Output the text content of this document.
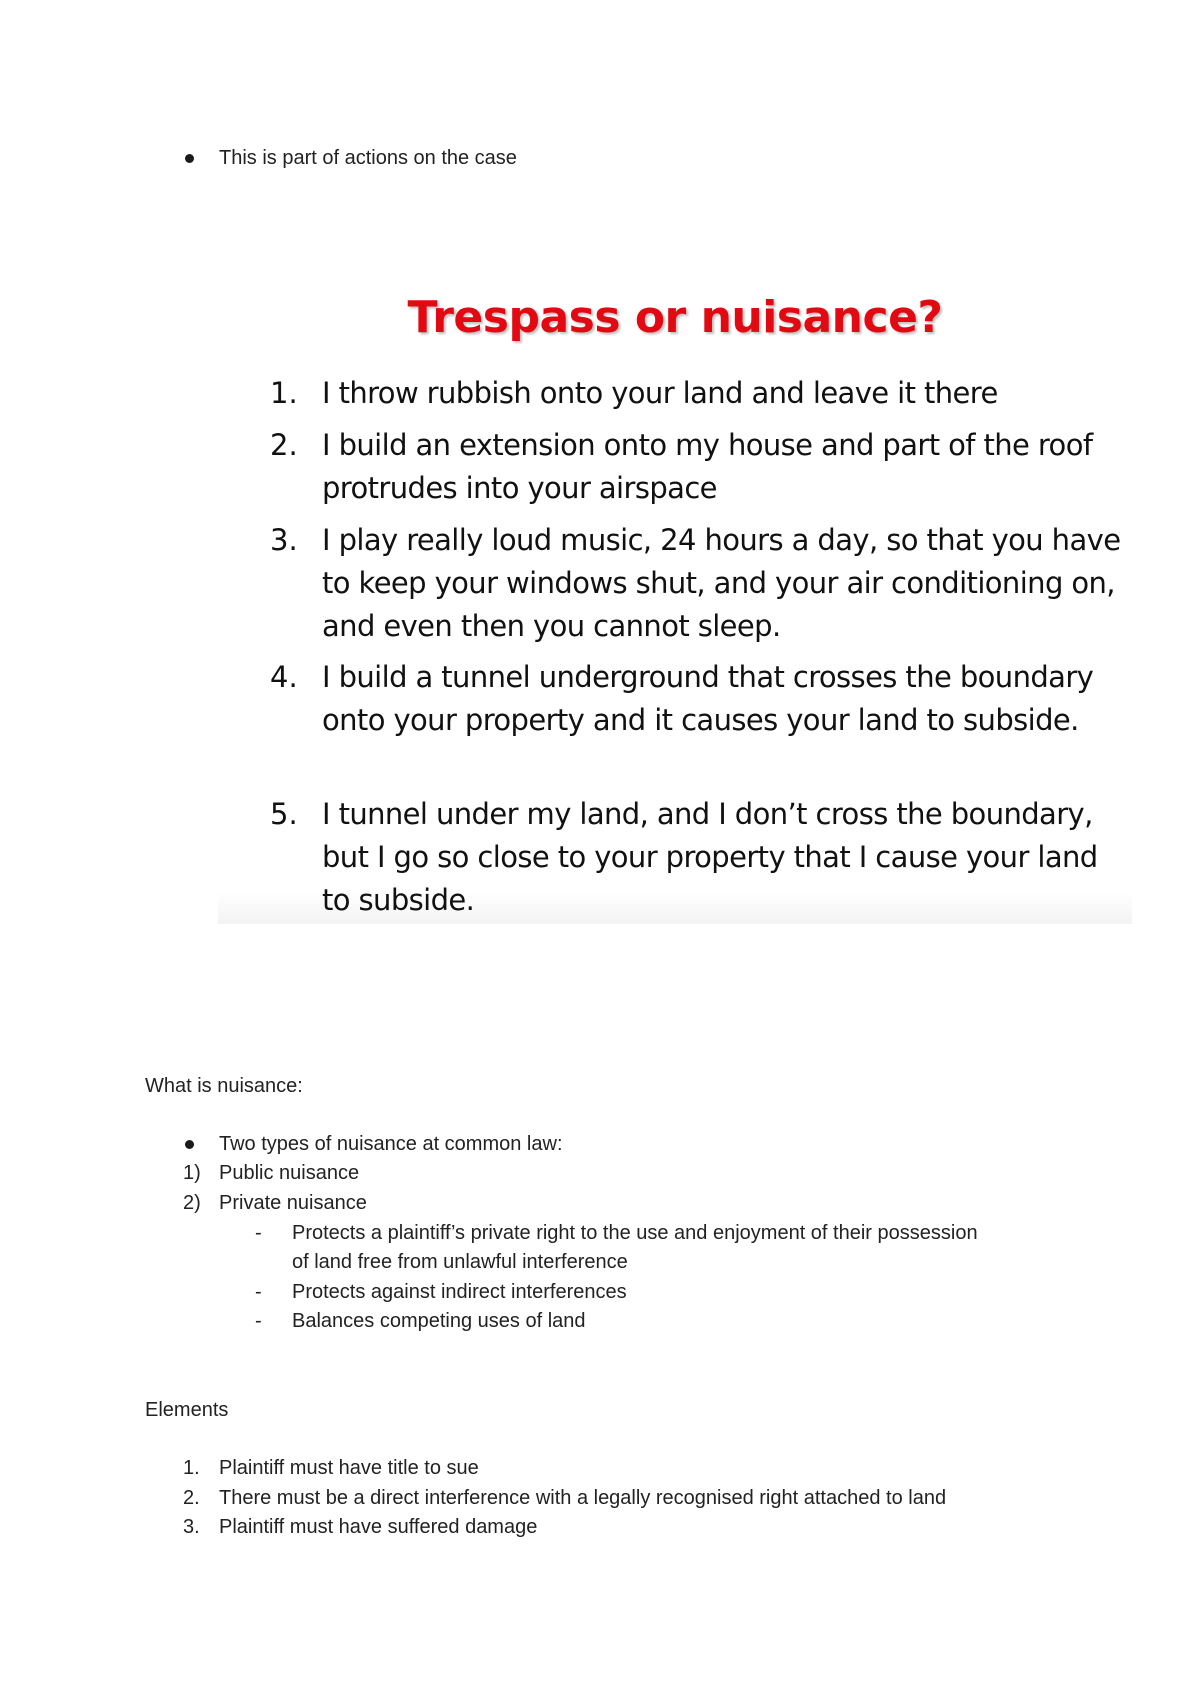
This is part of actions on the case
Trespass or nuisance?
1. I throw rubbish onto your land and leave it there
2. I build an extension onto my house and part of the roof protrudes into your airspace
3. I play really loud music, 24 hours a day, so that you have to keep your windows shut, and your air conditioning on, and even then you cannot sleep.
4. I build a tunnel underground that crosses the boundary onto your property and it causes your land to subside.
5. I tunnel under my land, and I don’t cross the boundary, but I go so close to your property that I cause your land to subside.
What is nuisance:
Two types of nuisance at common law:
1) Public nuisance
2) Private nuisance
- Protects a plaintiff’s private right to the use and enjoyment of their possession
of land free from unlawful interference
- Protects against indirect interferences
- Balances competing uses of land
Elements
1. Plaintiff must have title to sue
2. There must be a direct interference with a legally recognised right attached to land
3. Plaintiff must have suffered damage
